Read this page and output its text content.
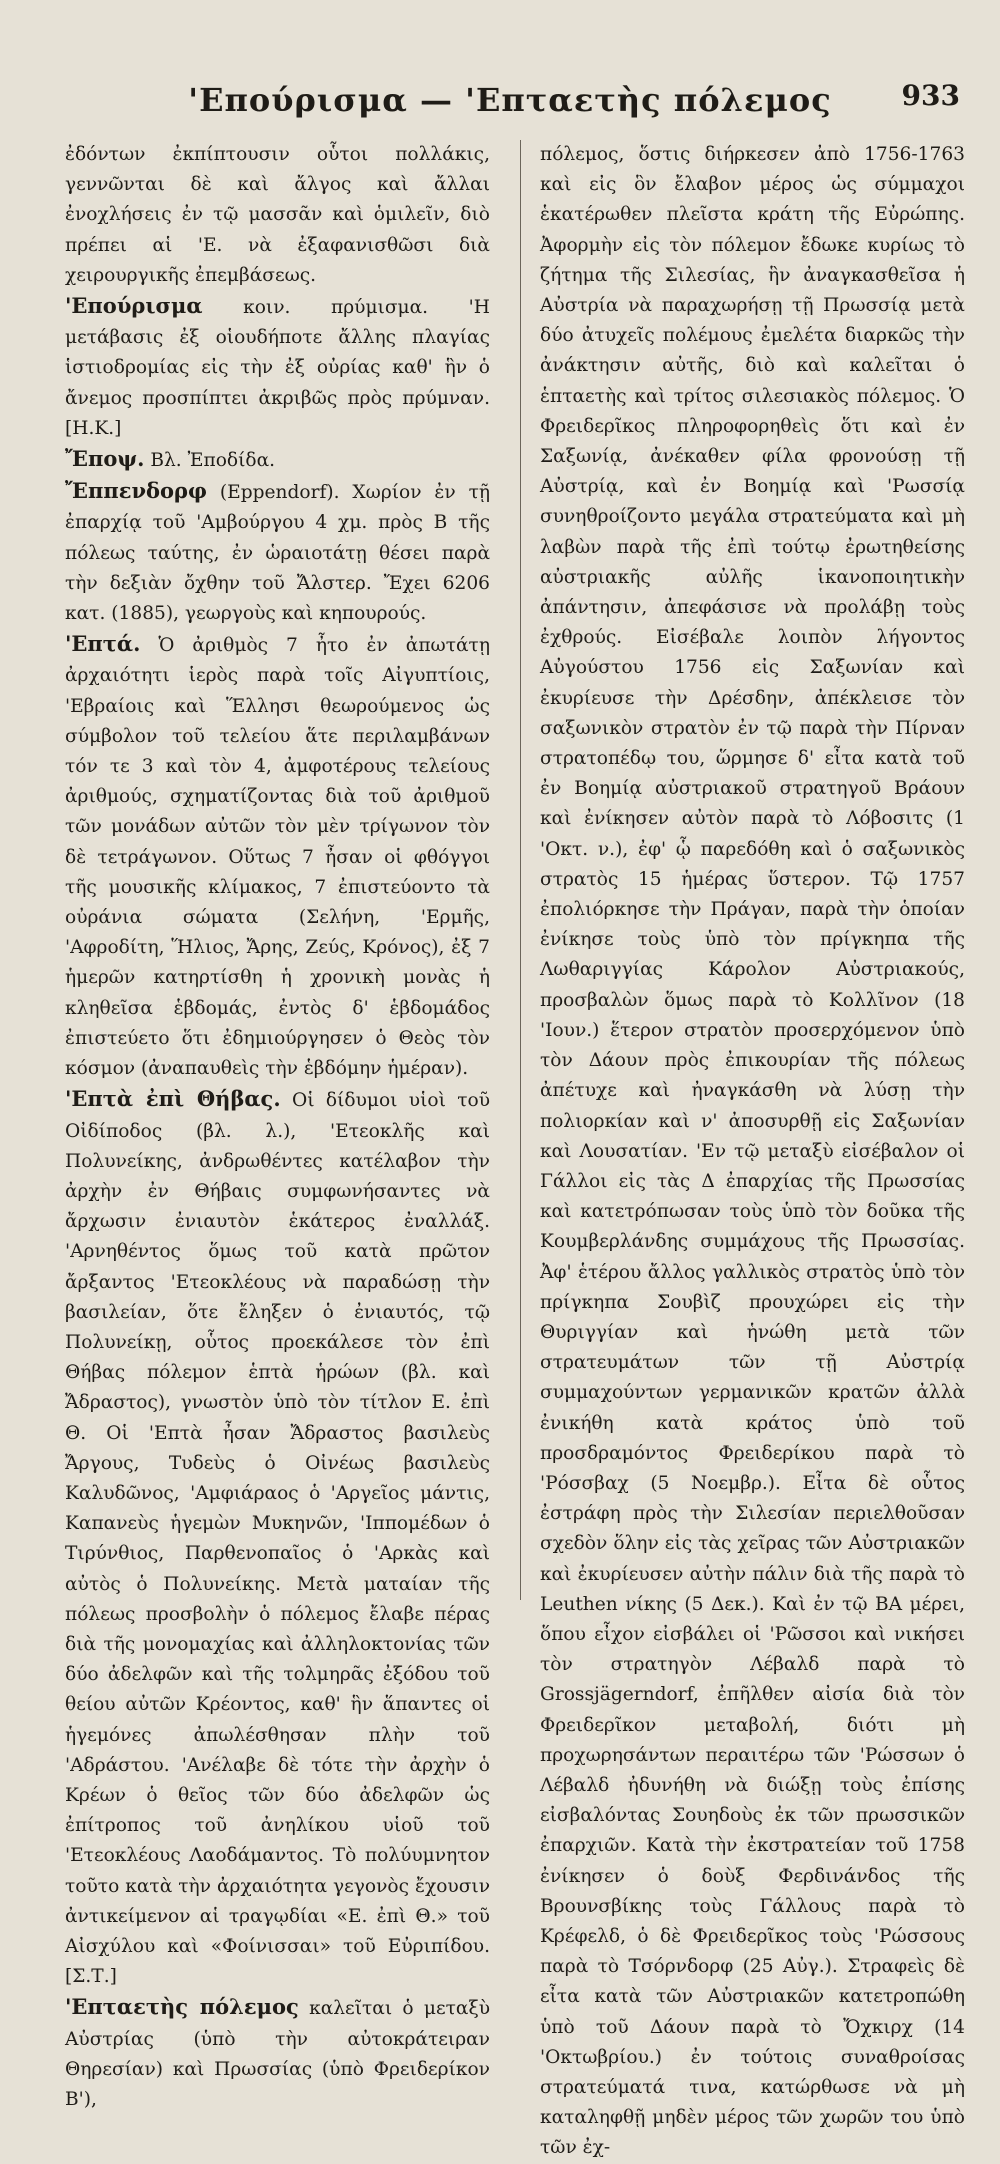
'Επούρισμα — 'Επταετὴς πόλεμος 933

ἐδόντων ἐκπίπτουσιν οὗτοι πολλάκις, γεννῶνται δὲ καὶ ἄλγος καὶ ἄλλαι ἐνοχλήσεις ἐν τῷ μασσᾶν καὶ ὁμιλεῖν, διὸ πρέπει αἱ 'Ε. νὰ ἐξαφανισθῶσι διὰ χειρουργικῆς ἐπεμβάσεως.

'Επούρισμα κοιν. πρύμισμα. 'Η μετάβασις ἐξ οἱουδήποτε ἄλλης πλαγίας ἱστιοδρομίας εἰς τὴν ἐξ οὐρίας καθ' ἣν ὁ ἄνεμος προσπίπτει ἀκριβῶς πρὸς πρύμναν. [Η.Κ.]

Ἔποψ. Βλ. Ἐποδίδα.

Ἔππενδορφ (Eppendorf). Χωρίον ἐν τῇ ἐπαρχίᾳ τοῦ 'Αμβούργου 4 χμ. πρὸς Β τῆς πόλεως ταύτης, ἐν ὡραιοτάτῃ θέσει παρὰ τὴν δεξιὰν ὄχθην τοῦ Ἄλστερ. Ἔχει 6206 κατ. (1885), γεωργοὺς καὶ κηπουρούς.

'Επτά. Ὁ ἀριθμὸς 7 ἦτο ἐν ἀπωτάτῃ ἀρχαιότητι ἱερὸς παρὰ τοῖς Αἰγυπτίοις, 'Εβραίοις καὶ Ἕλλησι θεωρούμενος ὡς σύμβολον τοῦ τελείου ἅτε περιλαμβάνων τόν τε 3 καὶ τὸν 4, ἀμφοτέρους τελείους ἀριθμούς, σχηματίζοντας διὰ τοῦ ἀριθμοῦ τῶν μονάδων αὐτῶν τὸν μὲν τρίγωνον τὸν δὲ τετράγωνον. Οὕτως 7 ἦσαν οἱ φθόγγοι τῆς μουσικῆς κλίμακος, 7 ἐπιστεύοντο τὰ οὐράνια σώματα (Σελήνη, 'Ερμῆς, 'Αφροδίτη, Ἥλιος, Ἄρης, Ζεύς, Κρόνος), ἐξ 7 ἡμερῶν κατηρτίσθη ἡ χρονικὴ μονὰς ἡ κληθεῖσα ἑβδομάς, ἐντὸς δ' ἑβδομάδος ἐπιστεύετο ὅτι ἐδημιούργησεν ὁ Θεὸς τὸν κόσμον (ἀναπαυθεὶς τὴν ἑβδόμην ἡμέραν).

'Επτὰ ἐπὶ Θήβας. Οἱ δίδυμοι υἱοὶ τοῦ Οἰδίποδος (βλ. λ.), 'Ετεοκλῆς καὶ Πολυνείκης, ἀνδρωθέντες κατέλαβον τὴν ἀρχὴν ἐν Θήβαις συμφωνήσαντες νὰ ἄρχωσιν ἐνιαυτὸν ἑκάτερος ἐναλλάξ. 'Αρνηθέντος ὅμως τοῦ κατὰ πρῶτον ἄρξαντος 'Ετεοκλέους νὰ παραδώσῃ τὴν βασιλείαν, ὅτε ἔληξεν ὁ ἐνιαυτός, τῷ Πολυνείκῃ, οὗτος προεκάλεσε τὸν ἐπὶ Θήβας πόλεμον ἑπτὰ ἡρώων (βλ. καὶ Ἄδραστος), γνωστὸν ὑπὸ τὸν τίτλον Ε. ἐπὶ Θ. Οἱ 'Επτὰ ἦσαν Ἄδραστος βασιλεὺς Ἄργους, Τυδεὺς ὁ Οἰνέως βασιλεὺς Καλυδῶνος, 'Αμφιάραος ὁ 'Αργεῖος μάντις, Καπανεὺς ἡγεμὼν Μυκηνῶν, 'Ιππομέδων ὁ Τιρύνθιος, Παρθενοπαῖος ὁ 'Αρκὰς καὶ αὐτὸς ὁ Πολυνείκης. Μετὰ ματαίαν τῆς πόλεως προσβολὴν ὁ πόλεμος ἔλαβε πέρας διὰ τῆς μονομαχίας καὶ ἀλληλοκτονίας τῶν δύο ἀδελφῶν καὶ τῆς τολμηρᾶς ἐξόδου τοῦ θείου αὐτῶν Κρέοντος, καθ' ἣν ἅπαντες οἱ ἡγεμόνες ἀπωλέσθησαν πλὴν τοῦ 'Αδράστου. 'Ανέλαβε δὲ τότε τὴν ἀρχὴν ὁ Κρέων ὁ θεῖος τῶν δύο ἀδελφῶν ὡς ἐπίτροπος τοῦ ἀνηλίκου υἱοῦ τοῦ 'Ετεοκλέους Λαοδάμαντος. Τὸ πολύυμνητον τοῦτο κατὰ τὴν ἀρχαιότητα γεγονὸς ἔχουσιν ἀντικείμενον αἱ τραγῳδίαι «Ε. ἐπὶ Θ.» τοῦ Αἰσχύλου καὶ «Φοίνισσαι» τοῦ Εὐριπίδου. [Σ.Τ.]

'Επταετὴς πόλεμος καλεῖται ὁ μεταξὺ Αὐστρίας (ὑπὸ τὴν αὐτοκράτειραν Θηρεσίαν) καὶ Πρωσσίας (ὑπὸ Φρειδερίκον Β'),

πόλεμος, ὅστις διήρκεσεν ἀπὸ 1756-1763 καὶ εἰς ὃν ἔλαβον μέρος ὡς σύμμαχοι ἑκατέρωθεν πλεῖστα κράτη τῆς Εὐρώπης. Ἀφορμὴν εἰς τὸν πόλεμον ἔδωκε κυρίως τὸ ζήτημα τῆς Σιλεσίας, ἣν ἀναγκασθεῖσα ἡ Αὐστρία νὰ παραχωρήσῃ τῇ Πρωσσίᾳ μετὰ δύο ἀτυχεῖς πολέμους ἐμελέτα διαρκῶς τὴν ἀνάκτησιν αὐτῆς, διὸ καὶ καλεῖται ὁ ἑπταετὴς καὶ τρίτος σιλεσιακὸς πόλεμος. Ὁ Φρειδερῖκος πληροφορηθεὶς ὅτι καὶ ἐν Σαξωνίᾳ, ἀνέκαθεν φίλα φρονούσῃ τῇ Αὐστρίᾳ, καὶ ἐν Βοημίᾳ καὶ 'Ρωσσίᾳ συνηθροίζοντο μεγάλα στρατεύματα καὶ μὴ λαβὼν παρὰ τῆς ἐπὶ τούτῳ ἐρωτηθείσης αὐστριακῆς αὐλῆς ἱκανοποιητικὴν ἀπάντησιν, ἀπεφάσισε νὰ προλάβῃ τοὺς ἐχθρούς. Εἰσέβαλε λοιπὸν λήγοντος Αὐγούστου 1756 εἰς Σαξωνίαν καὶ ἐκυρίευσε τὴν Δρέσδην, ἀπέκλεισε τὸν σαξωνικὸν στρατὸν ἐν τῷ παρὰ τὴν Πίρναν στρατοπέδῳ του, ὥρμησε δ' εἶτα κατὰ τοῦ ἐν Βοημίᾳ αὐστριακοῦ στρατηγοῦ Βράουν καὶ ἐνίκησεν αὐτὸν παρὰ τὸ Λόβοσιτς (1 'Οκτ. ν.), ἐφ' ᾧ παρεδόθη καὶ ὁ σαξωνικὸς στρατὸς 15 ἡμέρας ὕστερον. Τῷ 1757 ἐπολιόρκησε τὴν Πράγαν, παρὰ τὴν ὁποίαν ἐνίκησε τοὺς ὑπὸ τὸν πρίγκηπα τῆς Λωθαριγγίας Κάρολον Αὐστριακούς, προσβαλὼν ὅμως παρὰ τὸ Κολλῖνον (18 'Ιουν.) ἕτερον στρατὸν προσερχόμενον ὑπὸ τὸν Δάουν πρὸς ἐπικουρίαν τῆς πόλεως ἀπέτυχε καὶ ἠναγκάσθη νὰ λύσῃ τὴν πολιορκίαν καὶ ν' ἀποσυρθῇ εἰς Σαξωνίαν καὶ Λουσατίαν. 'Εν τῷ μεταξὺ εἰσέβαλον οἱ Γάλλοι εἰς τὰς Δ ἐπαρχίας τῆς Πρωσσίας καὶ κατετρόπωσαν τοὺς ὑπὸ τὸν δοῦκα τῆς Κουμβερλάνδης συμμάχους τῆς Πρωσσίας. Ἀφ' ἑτέρου ἄλλος γαλλικὸς στρατὸς ὑπὸ τὸν πρίγκηπα Σουβὶζ προυχώρει εἰς τὴν Θυριγγίαν καὶ ἡνώθη μετὰ τῶν στρατευμάτων τῶν τῇ Αὐστρίᾳ συμμαχούντων γερμανικῶν κρατῶν ἀλλὰ ἐνικήθη κατὰ κράτος ὑπὸ τοῦ προσδραμόντος Φρειδερίκου παρὰ τὸ 'Ρόσσβαχ (5 Νοεμβρ.). Εἶτα δὲ οὗτος ἐστράφη πρὸς τὴν Σιλεσίαν περιελθοῦσαν σχεδὸν ὅλην εἰς τὰς χεῖρας τῶν Αὐστριακῶν καὶ ἐκυρίευσεν αὐτὴν πάλιν διὰ τῆς παρὰ τὸ Leuthen νίκης (5 Δεκ.). Καὶ ἐν τῷ ΒΑ μέρει, ὅπου εἶχον εἰσβάλει οἱ 'Ρῶσσοι καὶ νικήσει τὸν στρατηγὸν Λέβαλδ παρὰ τὸ Grossjägerndorf, ἐπῆλθεν αἰσία διὰ τὸν Φρειδερῖκον μεταβολή, διότι μὴ προχωρησάντων περαιτέρω τῶν 'Ρώσσων ὁ Λέβαλδ ἠδυνήθη νὰ διώξῃ τοὺς ἐπίσης εἰσβαλόντας Σουηδοὺς ἐκ τῶν πρωσσικῶν ἐπαρχιῶν. Κατὰ τὴν ἐκστρατείαν τοῦ 1758 ἐνίκησεν ὁ δοὺξ Φερδινάνδος τῆς Βρουνσβίκης τοὺς Γάλλους παρὰ τὸ Κρέφελδ, ὁ δὲ Φρειδερῖκος τοὺς 'Ρώσσους παρὰ τὸ Τσόρνδορφ (25 Αὐγ.). Στραφεὶς δὲ εἶτα κατὰ τῶν Αὐστριακῶν κατετροπώθη ὑπὸ τοῦ Δάουν παρὰ τὸ Ὄχκιρχ (14 'Οκτωβρίου.) ἐν τούτοις συναθροίσας στρατεύματά τινα, κατώρθωσε νὰ μὴ καταληφθῇ μηδὲν μέρος τῶν χωρῶν του ὑπὸ τῶν ἐχ-
